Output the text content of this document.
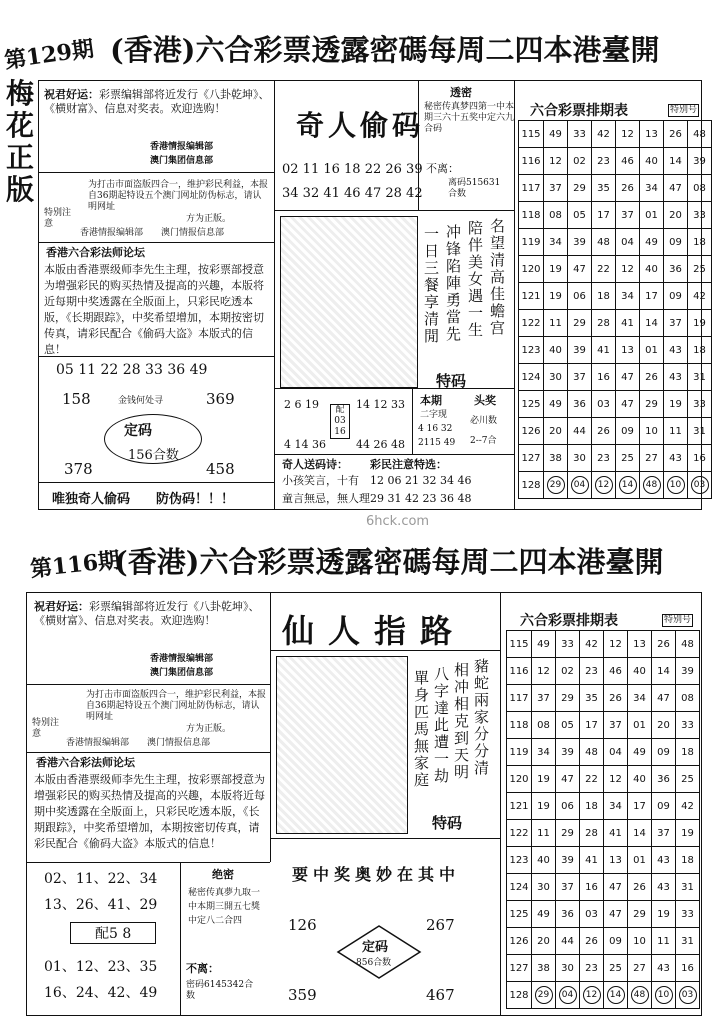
第129期 (香港)六合彩票透露密碼每周二四本港臺開
梅花正版
祝君好运：彩票编辑部将近发行《八卦乾坤》、《横财富》、信息对奖表。欢迎选购！
香港情报编辑部
澳门集团信息部
特别注意
为打击市面盗版四合一，维护彩民利益，本报自36期起特设五个澳门网址防伪标志，请认明网址
方为正版。
香港情报编辑部　　澳门情报信息部
香港六合彩法师论坛
本版由香港票级师李先生主理，按彩票部授意为增强彩民的购买热情及提高的兴趣，本版将近每期中奖透露在全版面上，只彩民吃透本版，《长期跟踪》，中奖希望增加，本期按密切传真，请彩民配合《偷码大盗》本版式的信息！
05 11 22 28 33 36 49
158	369
金钱何处寻
定码
156合数
378	458
唯独奇人偷码　　防伪码！！！
奇人偷码
02 11 16 18 22 26 39
34 32 41 46 47 28 42
透密
秘密传真梦四第一中本期三六十五奖中定六九合码
不离：
离码515631合数
名望清高佳蟾宫
陪伴美女遇一生
冲锋陷陣勇當先
一日三餐享清閒
特码
2 6 19
4 14 36
配03 16
14 12 33
44 26 48
本期
二字现
4 16 32
2115 49
头奖
必川数
2--7合
奇人送码诗：
小孩笑言，十有
童言無忌，無人理
彩民注意特选：
12 06 21 32 34 46
29 31 42 23 36 48
六合彩票排期表	特别号
115	49	33	42	12	13	26	48
116	12	02	23	46	40	14	39
117	37	29	35	26	34	47	08
118	08	05	17	37	01	20	33
119	34	39	48	04	49	09	18
120	19	47	22	12	40	36	25
121	19	06	18	34	17	09	42
122	11	29	28	41	14	37	19
123	40	39	41	13	01	43	18
124	30	37	16	47	26	43	31
125	49	36	03	47	29	19	33
126	20	44	26	09	10	11	31
127	38	30	23	25	27	43	16
128	29	04	12	14	48	10	03
第116期
(香港)六合彩票透露密碼每周二四本港臺開
祝君好运：彩票编辑部将近发行《八卦乾坤》、《横财富》、信息对奖表。欢迎选购！
香港情报编辑部
澳门集团信息部
特别注意
为打击市面盗版四合一，维护彩民利益，本报自36期起特设五个澳门网址防伪标志，请认明网址
方为正版。
香港情报编辑部　　澳门情报信息部
香港六合彩法师论坛
本版由香港票级师李先生主理，按彩票部授意为增强彩民的购买热情及提高的兴趣，本版将近每期中奖透露在全版面上，只彩民吃透本版，《长期跟踪》，中奖希望增加，本期按密切传真，请彩民配合《偷码大盗》本版式的信息！
02、11、22、34
13、26、41、29
配5 8
01、12、23、35
16、24、42、49
绝密
秘密传真夢九取一中本期三開五七獎中定八二合四
不离：
密码6145342合数
仙人指路
豬蛇兩家分分清
相冲相克到天明
八字達此遭一劫
單身匹馬無家庭
特码
要中奖奥妙在其中
126	267
定码
856合数
359	467
六合彩票排期表	特别号
115	49	33	42	12	13	26	48
116	12	02	23	46	40	14	39
117	37	29	35	26	34	47	08
118	08	05	17	37	01	20	33
119	34	39	48	04	49	09	18
120	19	47	22	12	40	36	25
121	19	06	18	34	17	09	42
122	11	29	28	41	14	37	19
123	40	39	41	13	01	43	18
124	30	37	16	47	26	43	31
125	49	36	03	47	29	19	33
126	20	44	26	09	10	11	31
127	38	30	23	25	27	43	16
128	29	04	12	14	48	10	03
6hck.com
